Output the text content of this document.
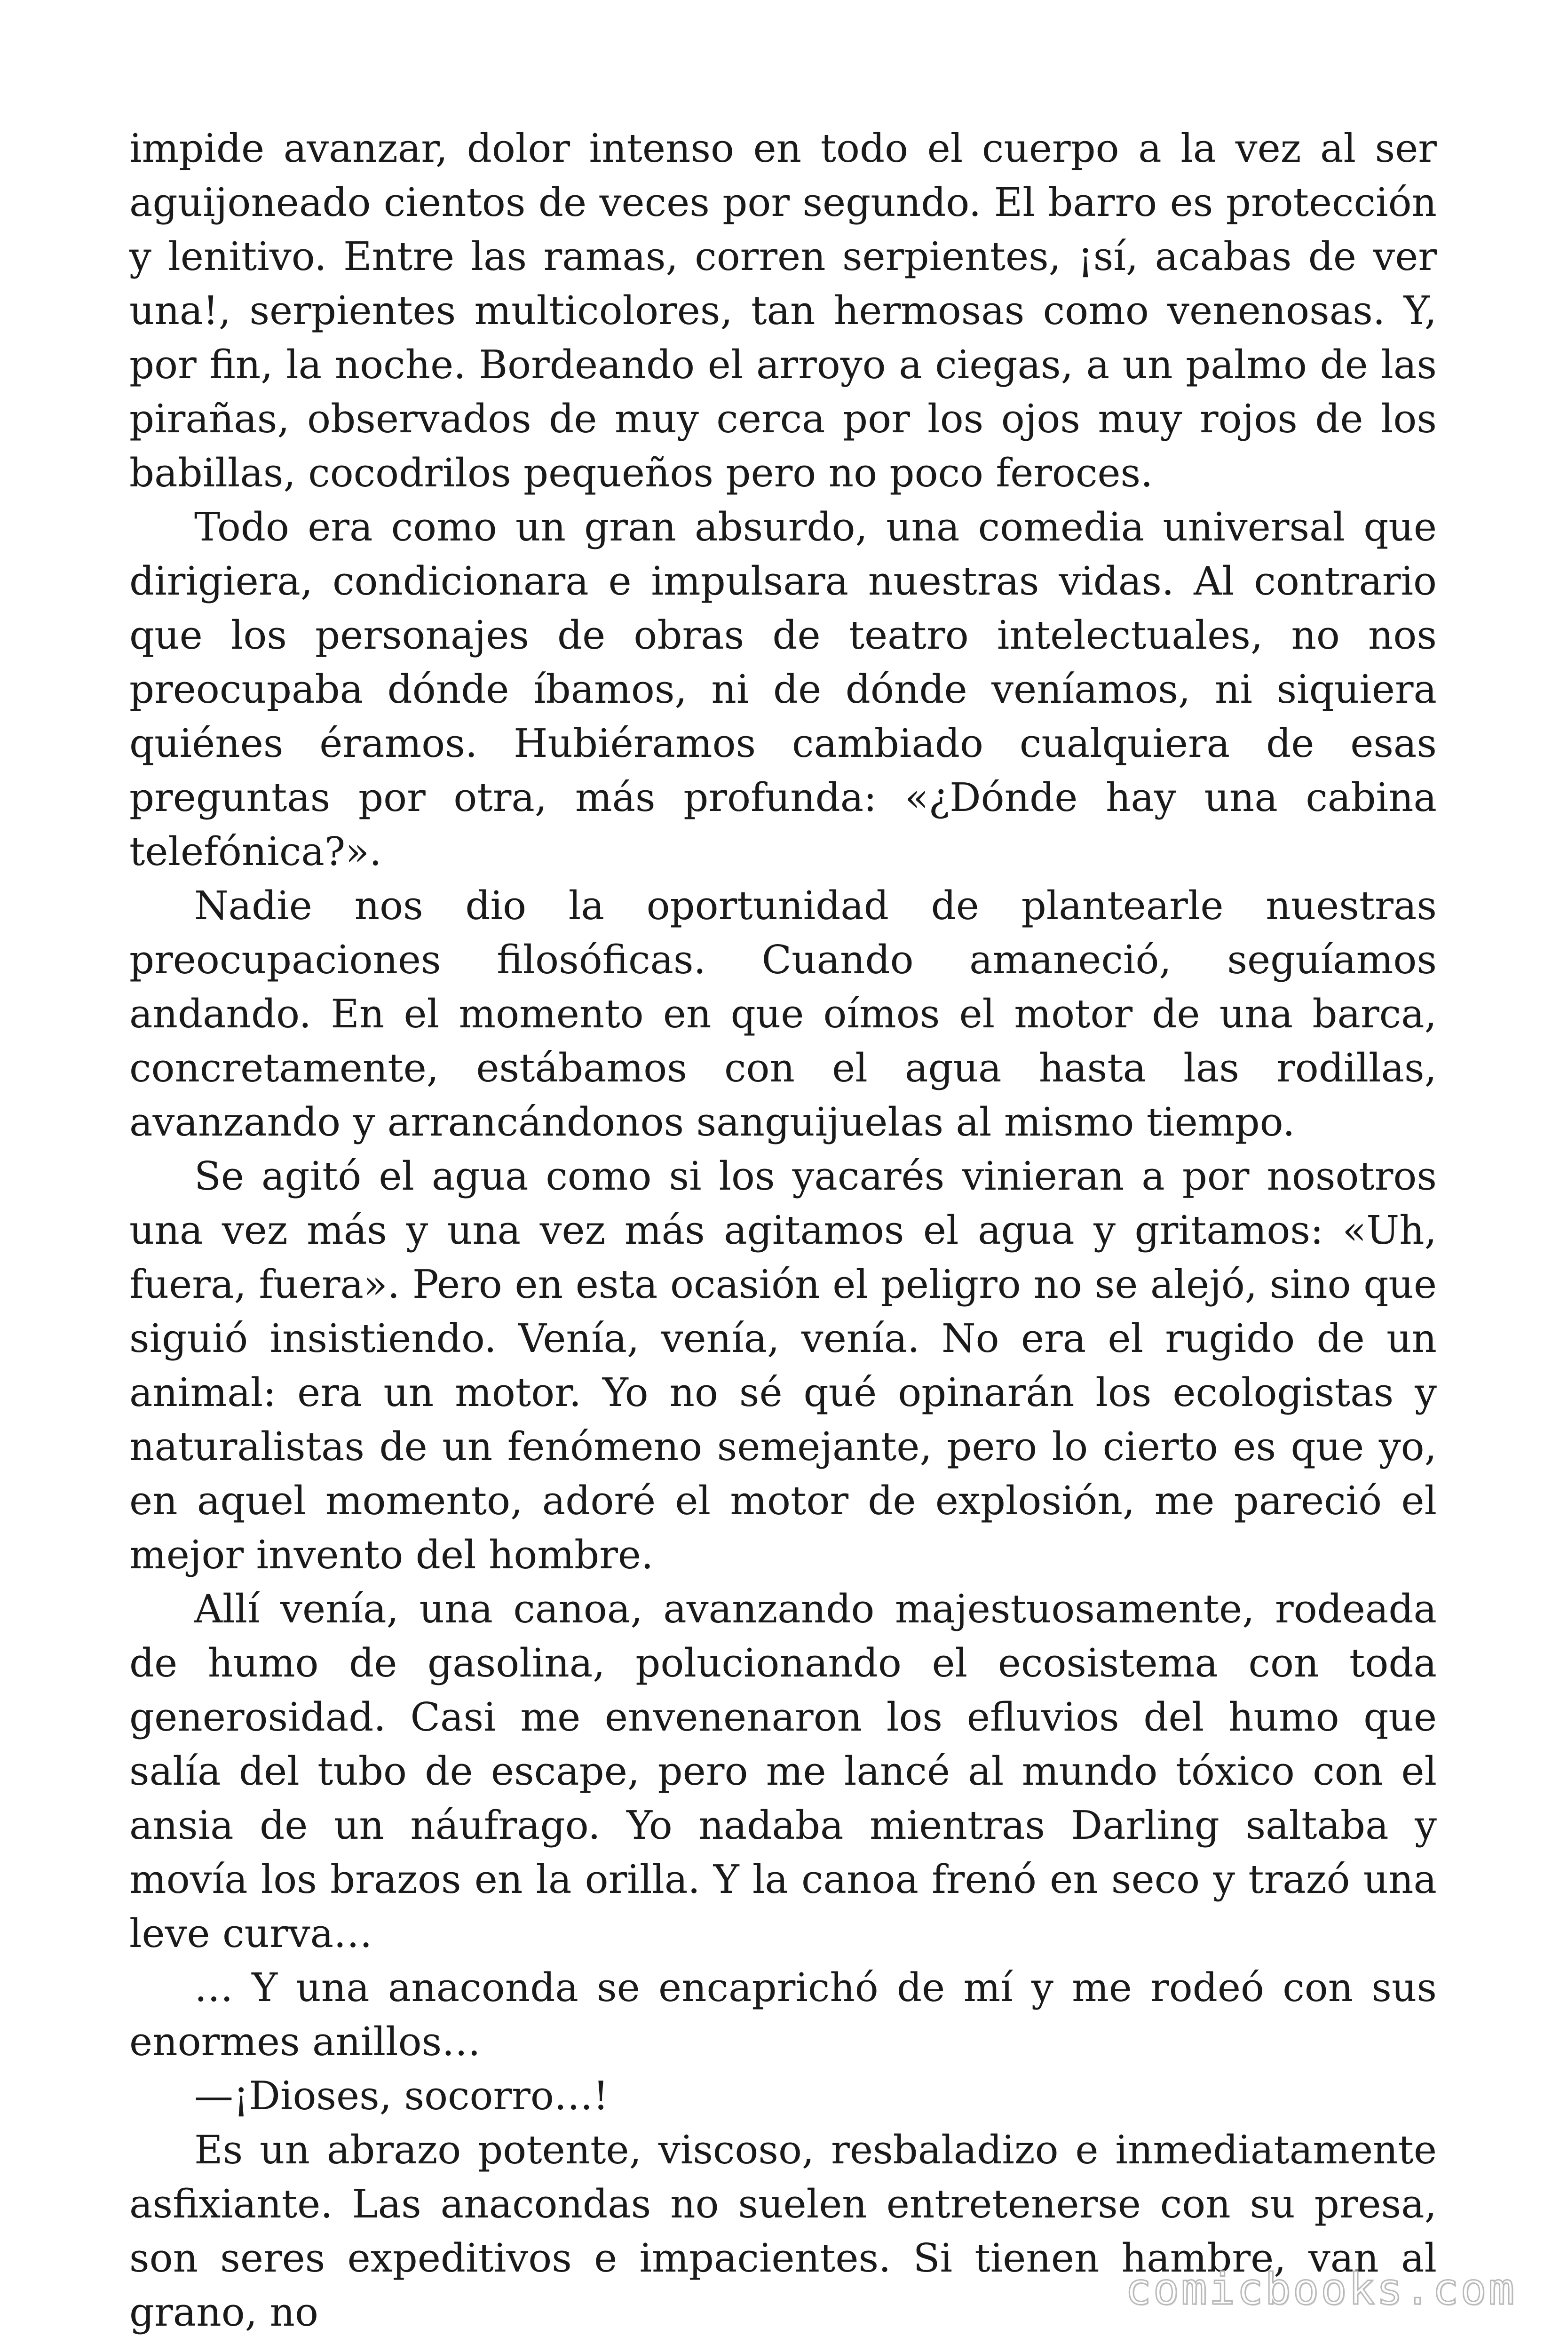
impide avanzar, dolor intenso en todo el cuerpo a la vez al ser aguijoneado cientos de veces por segundo. El barro es protección y lenitivo. Entre las ramas, corren serpientes, ¡sí, acabas de ver una!, serpientes multicolores, tan hermosas como venenosas. Y, por fin, la noche. Bordeando el arroyo a ciegas, a un palmo de las pirañas, observados de muy cerca por los ojos muy rojos de los babillas, cocodrilos pequeños pero no poco feroces.

Todo era como un gran absurdo, una comedia universal que dirigiera, condicionara e impulsara nuestras vidas. Al contrario que los personajes de obras de teatro intelectuales, no nos preocupaba dónde íbamos, ni de dónde veníamos, ni siquiera quiénes éramos. Hubiéramos cambiado cualquiera de esas preguntas por otra, más profunda: «¿Dónde hay una cabina telefónica?».

Nadie nos dio la oportunidad de plantearle nuestras preocupaciones filosóficas. Cuando amaneció, seguíamos andando. En el momento en que oímos el motor de una barca, concretamente, estábamos con el agua hasta las rodillas, avanzando y arrancándonos sanguijuelas al mismo tiempo.

Se agitó el agua como si los yacarés vinieran a por nosotros una vez más y una vez más agitamos el agua y gritamos: «Uh, fuera, fuera». Pero en esta ocasión el peligro no se alejó, sino que siguió insistiendo. Venía, venía, venía. No era el rugido de un animal: era un motor. Yo no sé qué opinarán los ecologistas y naturalistas de un fenómeno semejante, pero lo cierto es que yo, en aquel momento, adoré el motor de explosión, me pareció el mejor invento del hombre.

Allí venía, una canoa, avanzando majestuosamente, rodeada de humo de gasolina, polucionando el ecosistema con toda generosidad. Casi me envenenaron los efluvios del humo que salía del tubo de escape, pero me lancé al mundo tóxico con el ansia de un náufrago. Yo nadaba mientras Darling saltaba y movía los brazos en la orilla. Y la canoa frenó en seco y trazó una leve curva…

… Y una anaconda se encaprichó de mí y me rodeó con sus enormes anillos…

—¡Dioses, socorro…!

Es un abrazo potente, viscoso, resbaladizo e inmediatamente asfixiante. Las anacondas no suelen entretenerse con su presa, son seres expeditivos e impacientes. Si tienen hambre, van al grano, no	comicbooks.com
